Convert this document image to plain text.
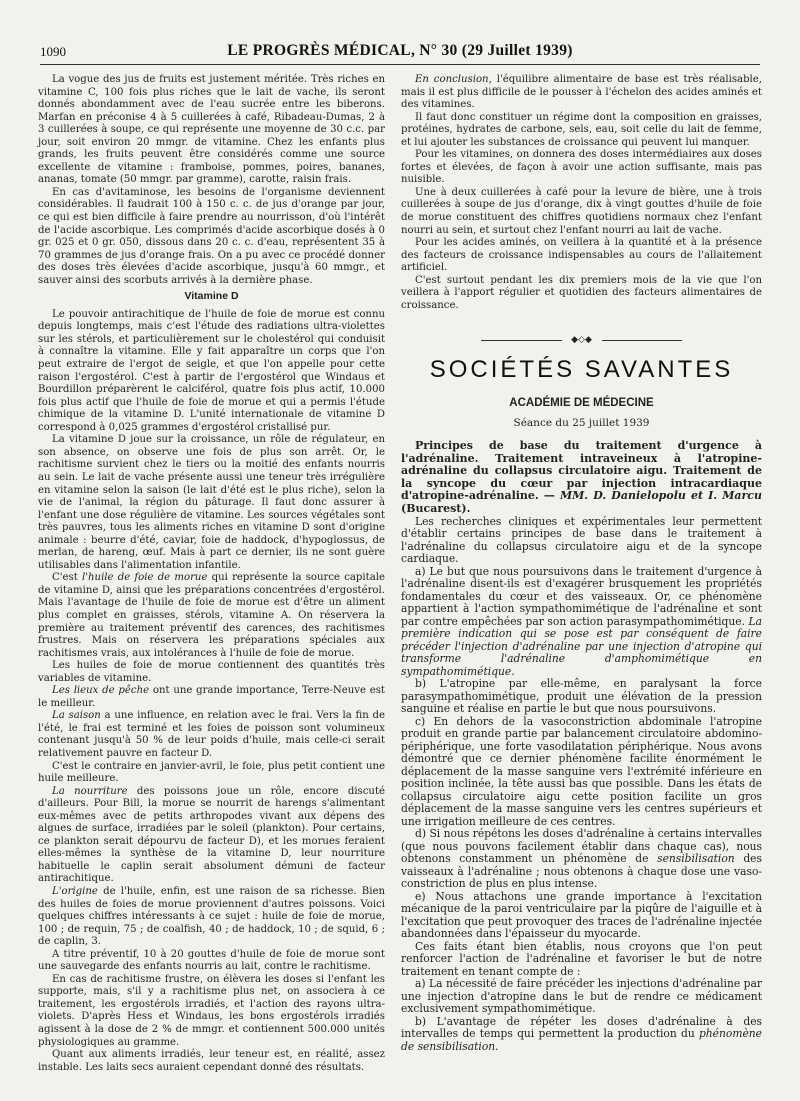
1090	LE PROGRÈS MÉDICAL, N° 30 (29 Juillet 1939)

La vogue des jus de fruits est justement méritée. Très riches en vitamine C, 100 fois plus riches que le lait de vache, ils seront donnés abondamment avec de l'eau sucrée entre les biberons. Marfan en préconise 4 à 5 cuillerées à café, Ribadeau-Dumas, 2 à 3 cuillerées à soupe, ce qui représente une moyenne de 30 c.c. par jour, soit environ 20 mmgr. de vitamine. Chez les enfants plus grands, les fruits peuvent être considérés comme une source excellente de vitamine : framboise, pommes, poires, bananes, ananas, tomate (50 mmgr. par gramme), carotte, raisin frais.

En cas d'avitaminose, les besoins de l'organisme deviennent considérables. Il faudrait 100 à 150 c. c. de jus d'orange par jour, ce qui est bien difficile à faire prendre au nourrisson, d'où l'intérêt de l'acide ascorbique. Les comprimés d'acide ascorbique dosés à 0 gr. 025 et 0 gr. 050, dissous dans 20 c. c. d'eau, représentent 35 à 70 grammes de jus d'orange frais. On a pu avec ce procédé donner des doses très élevées d'acide ascorbique, jusqu'à 60 mmgr., et sauver ainsi des scorbuts arrivés à la dernière phase.

Vitamine D

Le pouvoir antirachitique de l'huile de foie de morue est connu depuis longtemps, mais c'est l'étude des radiations ultra-violettes sur les stérols, et particulièrement sur le cholestérol qui conduisit à connaître la vitamine. Elle y fait apparaître un corps que l'on peut extraire de l'ergot de seigle, et que l'on appelle pour cette raison l'ergostérol. C'est à partir de l'ergostérol que Windaus et Bourdillon préparèrent le calciférol, quatre fois plus actif, 10.000 fois plus actif que l'huile de foie de morue et qui a permis l'étude chimique de la vitamine D. L'unité internationale de vitamine D correspond à 0,025 grammes d'ergostérol cristallisé pur.

La vitamine D joue sur la croissance, un rôle de régulateur, en son absence, on observe une fois de plus son arrêt. Or, le rachitisme survient chez le tiers ou la moitié des enfants nourris au sein. Le lait de vache présente aussi une teneur très irrégulière en vitamine selon la saison (le lait d'été est le plus riche), selon la vie de l'animal, la région du pâturage. Il faut donc assurer à l'enfant une dose régulière de vitamine. Les sources végétales sont très pauvres, tous les aliments riches en vitamine D sont d'origine animale : beurre d'été, caviar, foie de haddock, d'hypoglossus, de merlan, de hareng, œuf. Mais à part ce dernier, ils ne sont guère utilisables dans l'alimentation infantile.

C'est l'huile de foie de morue qui représente la source capitale de vitamine D, ainsi que les préparations concentrées d'ergostérol. Mais l'avantage de l'huile de foie de morue est d'être un aliment plus complet en graisses, stérols, vitamine A. On réservera la première au traitement préventif des carences, des rachitismes frustres. Mais on réservera les préparations spéciales aux rachitismes vrais, aux intolérances à l'huile de foie de morue.

Les huiles de foie de morue contiennent des quantités très variables de vitamine.

Les lieux de pêche ont une grande importance, Terre-Neuve est le meilleur.

La saison a une influence, en relation avec le frai. Vers la fin de l'été, le frai est terminé et les foies de poisson sont volumineux contenant jusqu'à 50 % de leur poids d'huile, mais celle-ci serait relativement pauvre en facteur D.

C'est le contraire en janvier-avril, le foie, plus petit contient une huile meilleure.

La nourriture des poissons joue un rôle, encore discuté d'ailleurs. Pour Bill, la morue se nourrit de harengs s'alimentant eux-mêmes avec de petits arthropodes vivant aux dépens des algues de surface, irradiées par le soleil (plankton). Pour certains, ce plankton serait dépourvu de facteur D), et les morues feraient elles-mêmes la synthèse de la vitamine D, leur nourriture habituelle le caplin serait absolument démuni de facteur antirachitique.

L'origine de l'huile, enfin, est une raison de sa richesse. Bien des huiles de foies de morue proviennent d'autres poissons. Voici quelques chiffres intéressants à ce sujet : huile de foie de morue, 100 ; de requin, 75 ; de coalfish, 40 ; de haddock, 10 ; de squid, 6 ; de caplin, 3.

A titre préventif, 10 à 20 gouttes d'huile de foie de morue sont une sauvegarde des enfants nourris au lait, contre le rachitisme.

En cas de rachitisme frustre, on élèvera les doses si l'enfant les supporte, mais, s'il y a rachitisme plus net, on associera à ce traitement, les ergostérols irradiés, et l'action des rayons ultra-violets. D'après Hess et Windaus, les bons ergostérols irradiés agissent à la dose de 2 % de mmgr. et contiennent 500.000 unités physiologiques au gramme.

Quant aux aliments irradiés, leur teneur est, en réalité, assez instable. Les laits secs auraient cependant donné des résultats.

En conclusion, l'équilibre alimentaire de base est très réalisable, mais il est plus difficile de le pousser à l'échelon des acides aminés et des vitamines.

Il faut donc constituer un régime dont la composition en graisses, protéines, hydrates de carbone, sels, eau, soit celle du lait de femme, et lui ajouter les substances de croissance qui peuvent lui manquer.

Pour les vitamines, on donnera des doses intermédiaires aux doses fortes et élevées, de façon à avoir une action suffisante, mais pas nuisible.

Une à deux cuillerées à café pour la levure de bière, une à trois cuillerées à soupe de jus d'orange, dix à vingt gouttes d'huile de foie de morue constituent des chiffres quotidiens normaux chez l'enfant nourri au sein, et surtout chez l'enfant nourri au lait de vache.

Pour les acides aminés, on veillera à la quantité et à la présence des facteurs de croissance indispensables au cours de l'allaitement artificiel.

C'est surtout pendant les dix premiers mois de la vie que l'on veillera à l'apport régulier et quotidien des facteurs alimentaires de croissance.

◆◇◆
SOCIÉTÉS SAVANTES
ACADÉMIE DE MÉDECINE
Séance du 25 juillet 1939

Principes de base du traitement d'urgence à l'adrénaline. Traitement intraveineux à l'atropine-adrénaline du collapsus circulatoire aigu. Traitement de la syncope du cœur par injection intracardiaque d'atropine-adrénaline. — MM. D. Danielopolu et I. Marcu (Bucarest).

Les recherches cliniques et expérimentales leur permettent d'établir certains principes de base dans le traitement à l'adrénaline du collapsus circulatoire aigu et de la syncope cardiaque.

a) Le but que nous poursuivons dans le traitement d'urgence à l'adrénaline disent-ils est d'exagérer brusquement les propriétés fondamentales du cœur et des vaisseaux. Or, ce phénomène appartient à l'action sympathomimétique de l'adrénaline et sont par contre empêchées par son action parasympathomimétique. La première indication qui se pose est par conséquent de faire précéder l'injection d'adrénaline par une injection d'atropine qui transforme l'adrénaline d'amphomimétique en sympathomimétique.

b) L'atropine par elle-même, en paralysant la force parasympathomimétique, produit une élévation de la pression sanguine et réalise en partie le but que nous poursuivons.

c) En dehors de la vasoconstriction abdominale l'atropine produit en grande partie par balancement circulatoire abdomino-périphérique, une forte vasodilatation périphérique. Nous avons démontré que ce dernier phénomène facilite énormément le déplacement de la masse sanguine vers l'extrémité inférieure en position inclinée, la tête aussi bas que possible. Dans les états de collapsus circulatoire aigu cette position facilite un gros déplacement de la masse sanguine vers les centres supérieurs et une irrigation meilleure de ces centres.

d) Si nous répétons les doses d'adrénaline à certains intervalles (que nous pouvons facilement établir dans chaque cas), nous obtenons constamment un phénomène de sensibilisation des vaisseaux à l'adrénaline ; nous obtenons à chaque dose une vaso-constriction de plus en plus intense.

e) Nous attachons une grande importance à l'excitation mécanique de la paroi ventriculaire par la piqûre de l'aiguille et à l'excitation que peut provoquer des traces de l'adrénaline injectée abandonnées dans l'épaisseur du myocarde.

Ces faits étant bien établis, nous croyons que l'on peut renforcer l'action de l'adrénaline et favoriser le but de notre traitement en tenant compte de :

a) La nécessité de faire précéder les injections d'adrénaline par une injection d'atropine dans le but de rendre ce médicament exclusivement sympathomimétique.

b) L'avantage de répéter les doses d'adrénaline à des intervalles de temps qui permettent la production du phénomène de sensibilisation.
